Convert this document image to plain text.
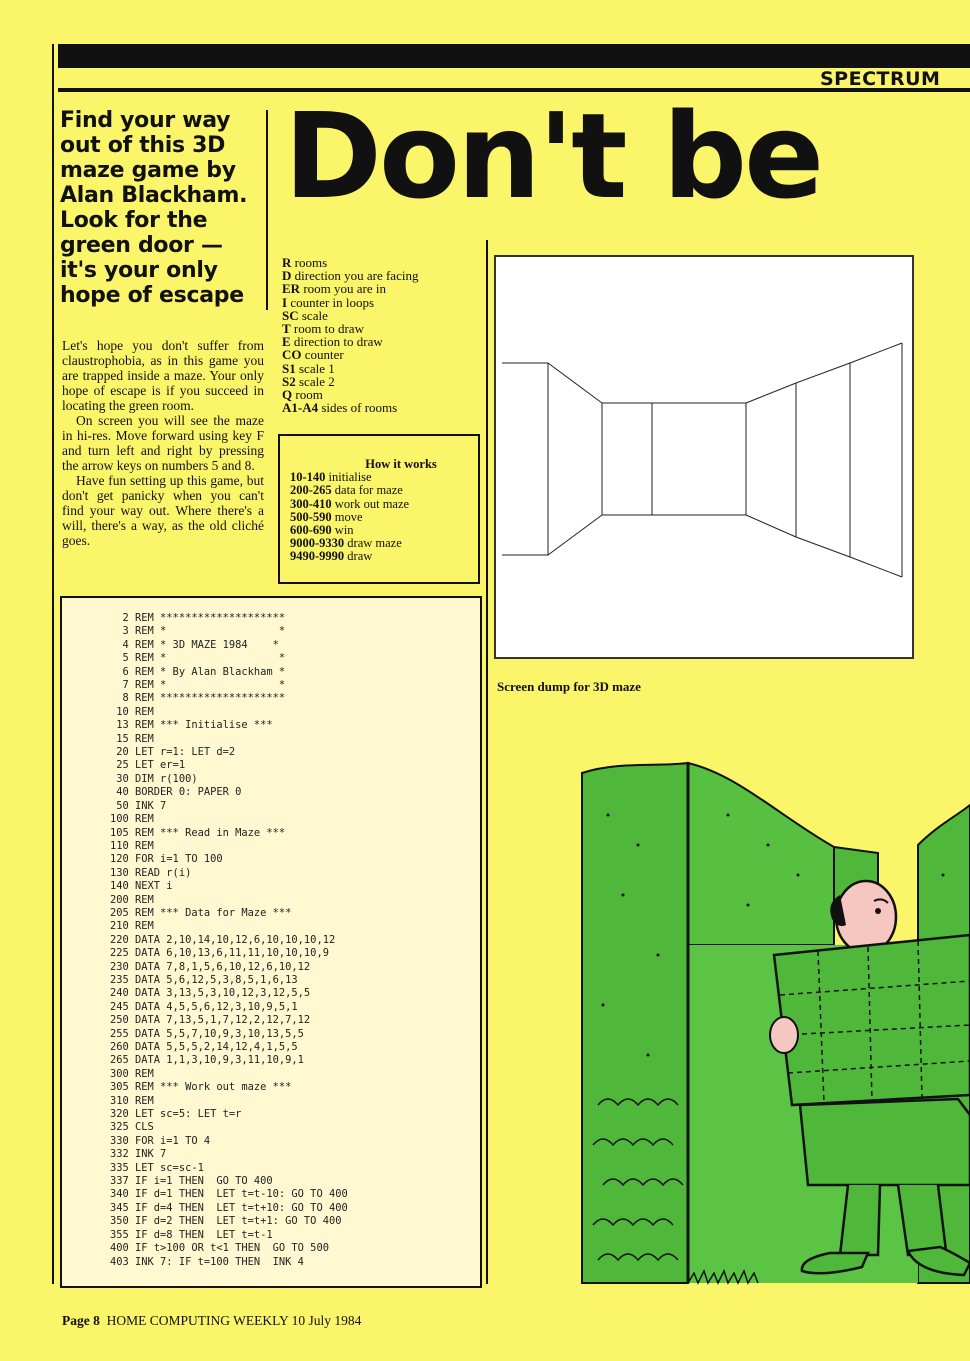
SPECTRUM
Don't be
Find your way out of this 3D maze game by Alan Blackham. Look for the green door — it's your only hope of escape

Let's hope you don't suffer from claustrophobia, as in this game you are trapped inside a maze. Your only hope of escape is if you succeed in locating the green room.

On screen you will see the maze in hi-res. Move forward using key F and turn left and right by pressing the arrow keys on numbers 5 and 8.

Have fun setting up this game, but don't get panicky when you can't find your way out. Where there's a will, there's a way, as the old cliché goes.

R rooms
D direction you are facing
ER room you are in
I counter in loops
SC scale
T room to draw
E direction to draw
CO counter
S1 scale 1
S2 scale 2
Q room
A1-A4 sides of rooms
How it works
10-140 initialise
200-265 data for maze
300-410 work out maze
500-590 move
600-690 win
9000-9330 draw maze
9490-9990 draw
2 REM ********************
3 REM *                  *
4 REM * 3D MAZE 1984    *
5 REM *                  *
6 REM * By Alan Blackham *
7 REM *                  *
8 REM ********************
10 REM
13 REM *** Initialise ***
15 REM
20 LET r=1: LET d=2
25 LET er=1
30 DIM r(100)
40 BORDER 0: PAPER 0
50 INK 7
100 REM
105 REM *** Read in Maze ***
110 REM
120 FOR i=1 TO 100
130 READ r(i)
140 NEXT i
200 REM
205 REM *** Data for Maze ***
210 REM
220 DATA 2,10,14,10,12,6,10,10,10,12
225 DATA 6,10,13,6,11,11,10,10,10,9
230 DATA 7,8,1,5,6,10,12,6,10,12
235 DATA 5,6,12,5,3,8,5,1,6,13
240 DATA 3,13,5,3,10,12,3,12,5,5
245 DATA 4,5,5,6,12,3,10,9,5,1
250 DATA 7,13,5,1,7,12,2,12,7,12
255 DATA 5,5,7,10,9,3,10,13,5,5
260 DATA 5,5,5,2,14,12,4,1,5,5
265 DATA 1,1,3,10,9,3,11,10,9,1
300 REM
305 REM *** Work out maze ***
310 REM
320 LET sc=5: LET t=r
325 CLS
330 FOR i=1 TO 4
332 INK 7
335 LET sc=sc-1
337 IF i=1 THEN  GO TO 400
340 IF d=1 THEN  LET t=t-10: GO TO 400
345 IF d=4 THEN  LET t=t+10: GO TO 400
350 IF d=2 THEN  LET t=t+1: GO TO 400
355 IF d=8 THEN  LET t=t-1
400 IF t>100 OR t<1 THEN  GO TO 500
403 INK 7: IF t=100 THEN  INK 4
Screen dump for 3D maze
Page 8 HOME COMPUTING WEEKLY 10 July 1984
